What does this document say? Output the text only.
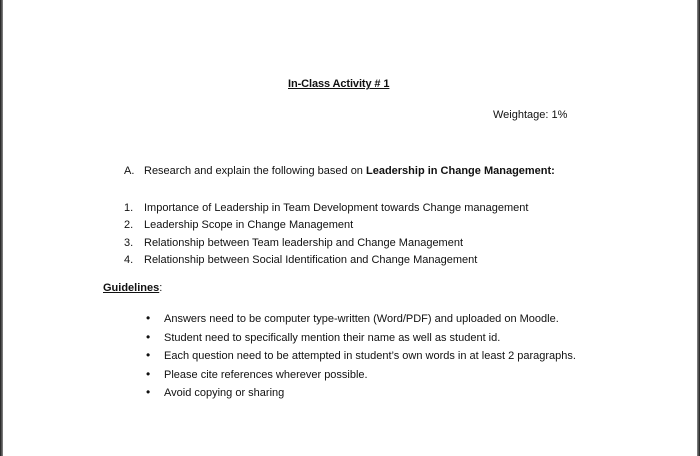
In-Class Activity # 1
Weightage: 1%
A. Research and explain the following based on Leadership in Change Management:
1. Importance of Leadership in Team Development towards Change management
2. Leadership Scope in Change Management
3. Relationship between Team leadership and Change Management
4. Relationship between Social Identification and Change Management
Guidelines:
• Answers need to be computer type-written (Word/PDF) and uploaded on Moodle.
• Student need to specifically mention their name as well as student id.
• Each question need to be attempted in student’s own words in at least 2 paragraphs.
• Please cite references wherever possible.
• Avoid copying or sharing
